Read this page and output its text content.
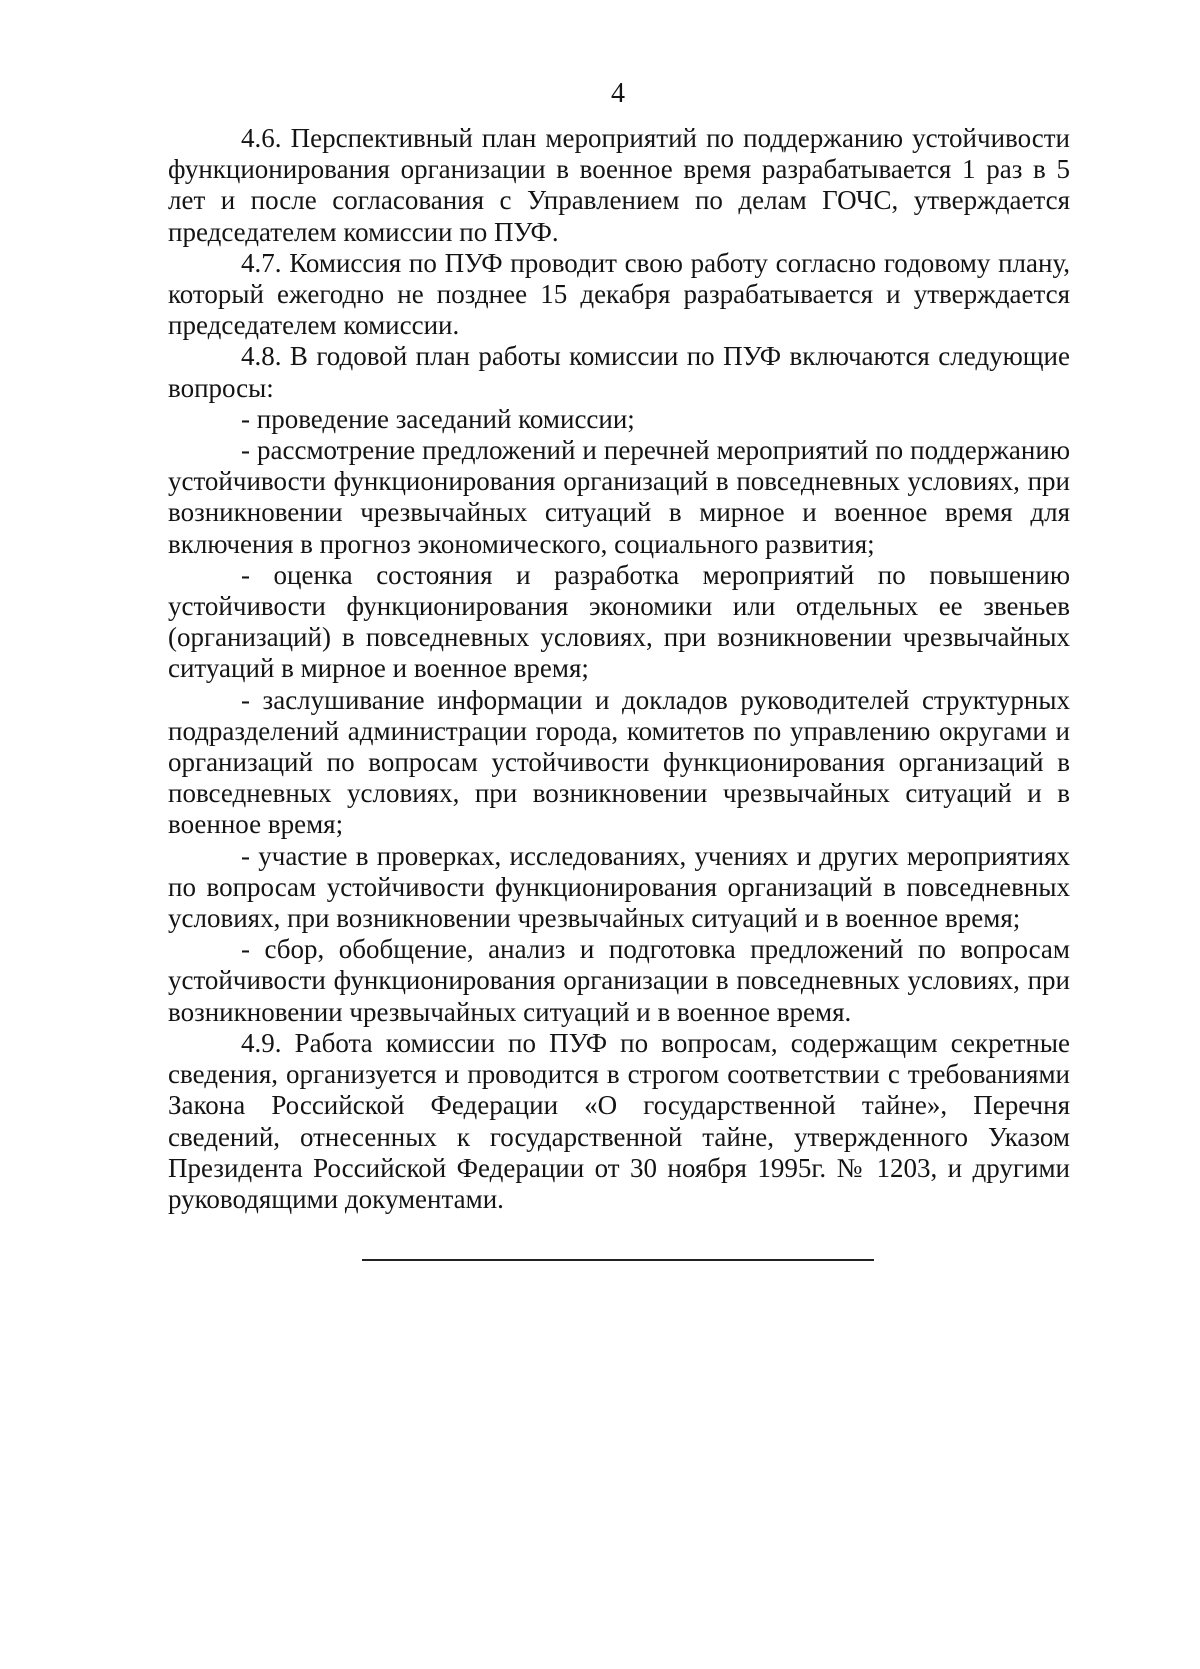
4

4.6. Перспективный план мероприятий по поддержанию устойчивости функционирования организации в военное время разрабатывается 1 раз в 5 лет и после согласования с Управлением по делам ГОЧС, утверждается председателем комиссии по ПУФ.

4.7. Комиссия по ПУФ проводит свою работу согласно годовому плану, который ежегодно не позднее 15 декабря разрабатывается и утверждается председателем комиссии.

4.8. В годовой план работы комиссии по ПУФ включаются следующие вопросы:

- проведение заседаний комиссии;

- рассмотрение предложений и перечней мероприятий по поддержанию устойчивости функционирования организаций в повседневных условиях, при возникновении чрезвычайных ситуаций в мирное и военное время для включения в прогноз экономического, социального развития;

- оценка состояния и разработка мероприятий по повышению устойчивости функционирования экономики или отдельных ее звеньев (организаций) в повседневных условиях, при возникновении чрезвычайных ситуаций в мирное и военное время;

- заслушивание информации и докладов руководителей структурных подразделений администрации города, комитетов по управлению округами и организаций по вопросам устойчивости функционирования организаций в повседневных условиях, при возникновении чрезвычайных ситуаций и в военное время;

- участие в проверках, исследованиях, учениях и других мероприятиях по вопросам устойчивости функционирования организаций в повседневных условиях, при возникновении чрезвычайных ситуаций и в военное время;

- сбор, обобщение, анализ и подготовка предложений по вопросам устойчивости функционирования организации в повседневных условиях, при возникновении чрезвычайных ситуаций и в военное время.

4.9. Работа комиссии по ПУФ по вопросам, содержащим секретные сведения, организуется и проводится в строгом соответствии с требованиями Закона Российской Федерации «О государственной тайне», Перечня сведений, отнесенных к государственной тайне, утвержденного Указом Президента Российской Федерации от 30 ноября 1995г. № 1203, и другими руководящими документами.
